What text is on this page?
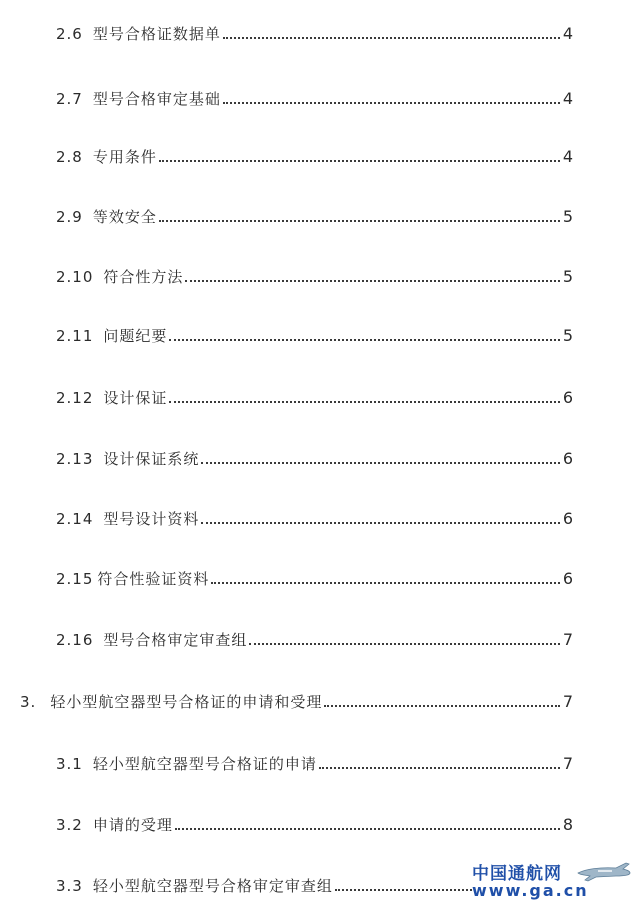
2.6 型号合格证数据单	4
2.7 型号合格审定基础	4
2.8 专用条件	4
2.9 等效安全	5
2.10 符合性方法	5
2.11 问题纪要	5
2.12 设计保证	6
2.13 设计保证系统	6
2.14 型号设计资料	6
2.15 符合性验证资料	6
2.16 型号合格审定审查组	7
3. 轻小型航空器型号合格证的申请和受理	7
3.1 轻小型航空器型号合格证的申请	7
3.2 申请的受理	8
3.3 轻小型航空器型号合格审定审查组
中国通航网
www.ga.cn
